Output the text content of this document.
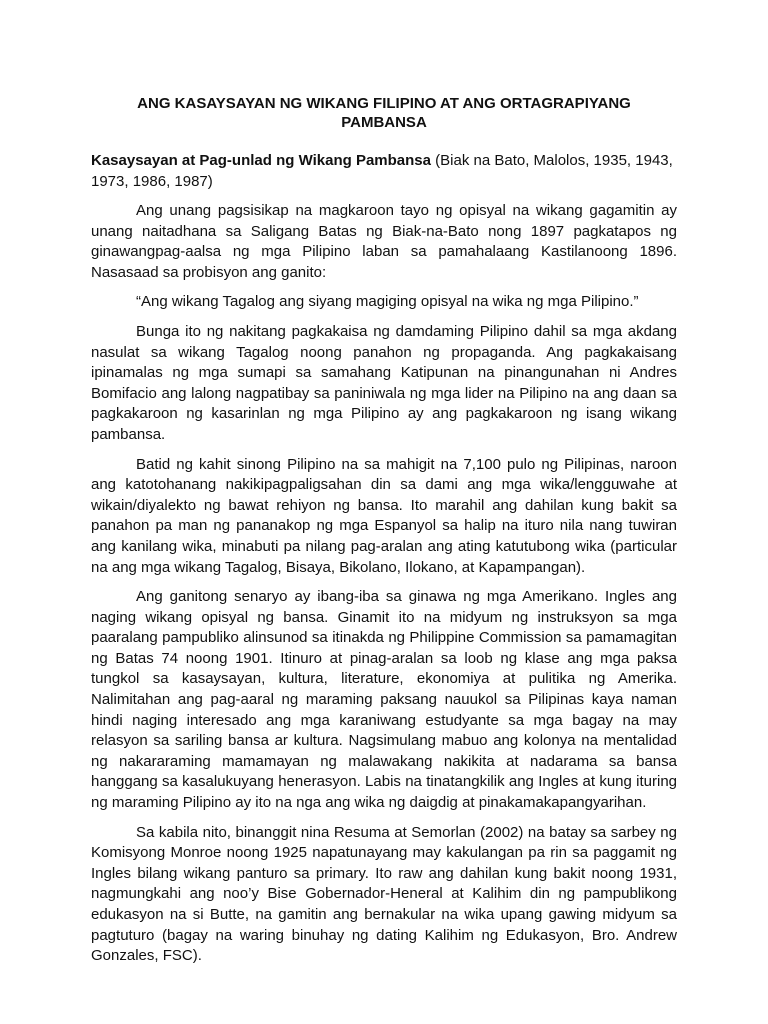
ANG KASAYSAYAN NG WIKANG FILIPINO AT ANG ORTAGRAPIYANG PAMBANSA
Kasaysayan at Pag-unlad ng Wikang Pambansa (Biak na Bato, Malolos, 1935, 1943, 1973, 1986, 1987)

Ang unang pagsisikap na magkaroon tayo ng opisyal na wikang gagamitin ay unang naitadhana sa Saligang Batas ng Biak-na-Bato nong 1897 pagkatapos ng ginawangpag-aalsa ng mga Pilipino laban sa pamahalaang Kastilanoong 1896. Nasasaad sa probisyon ang ganito:

“Ang wikang Tagalog ang siyang magiging opisyal na wika ng mga Pilipino.”

Bunga ito ng nakitang pagkakaisa ng damdaming Pilipino dahil sa mga akdang nasulat sa wikang Tagalog noong panahon ng propaganda. Ang pagkakaisang ipinamalas ng mga sumapi sa samahang Katipunan na pinangunahan ni Andres Bomifacio ang lalong nagpatibay sa paniniwala ng mga lider na Pilipino na ang daan sa pagkakaroon ng kasarinlan ng mga Pilipino ay ang pagkakaroon ng isang wikang pambansa.

Batid ng kahit sinong Pilipino na sa mahigit na 7,100 pulo ng Pilipinas, naroon ang katotohanang nakikipagpaligsahan din sa dami ang mga wika/lengguwahe at wikain/diyalekto ng bawat rehiyon ng bansa. Ito marahil ang dahilan kung bakit sa panahon pa man ng pananakop ng mga Espanyol sa halip na ituro nila nang tuwiran ang kanilang wika, minabuti pa nilang pag-aralan ang ating katutubong wika (particular na ang mga wikang Tagalog, Bisaya, Bikolano, Ilokano, at Kapampangan).

Ang ganitong senaryo ay ibang-iba sa ginawa ng mga Amerikano. Ingles ang naging wikang opisyal ng bansa. Ginamit ito na midyum ng instruksyon sa mga paaralang pampubliko alinsunod sa itinakda ng Philippine Commission sa pamamagitan ng Batas 74 noong 1901. Itinuro at pinag-aralan sa loob ng klase ang mga paksa tungkol sa kasaysayan, kultura, literature, ekonomiya at pulitika ng Amerika. Nalimitahan ang pag-aaral ng maraming paksang nauukol sa Pilipinas kaya naman hindi naging interesado ang mga karaniwang estudyante sa mga bagay na may relasyon sa sariling bansa ar kultura. Nagsimulang mabuo ang kolonya na mentalidad ng nakararaming mamamayan ng malawakang nakikita at nadarama sa bansa hanggang sa kasalukuyang henerasyon. Labis na tinatangkilik ang Ingles at kung ituring ng maraming Pilipino ay ito na nga ang wika ng daigdig at pinakamakapangyarihan.

Sa kabila nito, binanggit nina Resuma at Semorlan (2002) na batay sa sarbey ng Komisyong Monroe noong 1925 napatunayang may kakulangan pa rin sa paggamit ng Ingles bilang wikang panturo sa primary. Ito raw ang dahilan kung bakit noong 1931, nagmungkahi ang noo’y Bise Gobernador-Heneral at Kalihim din ng pampublikong edukasyon na si Butte, na gamitin ang bernakular na wika upang gawing midyum sa pagtuturo (bagay na waring binuhay ng dating Kalihim ng Edukasyon, Bro. Andrew Gonzales, FSC).
